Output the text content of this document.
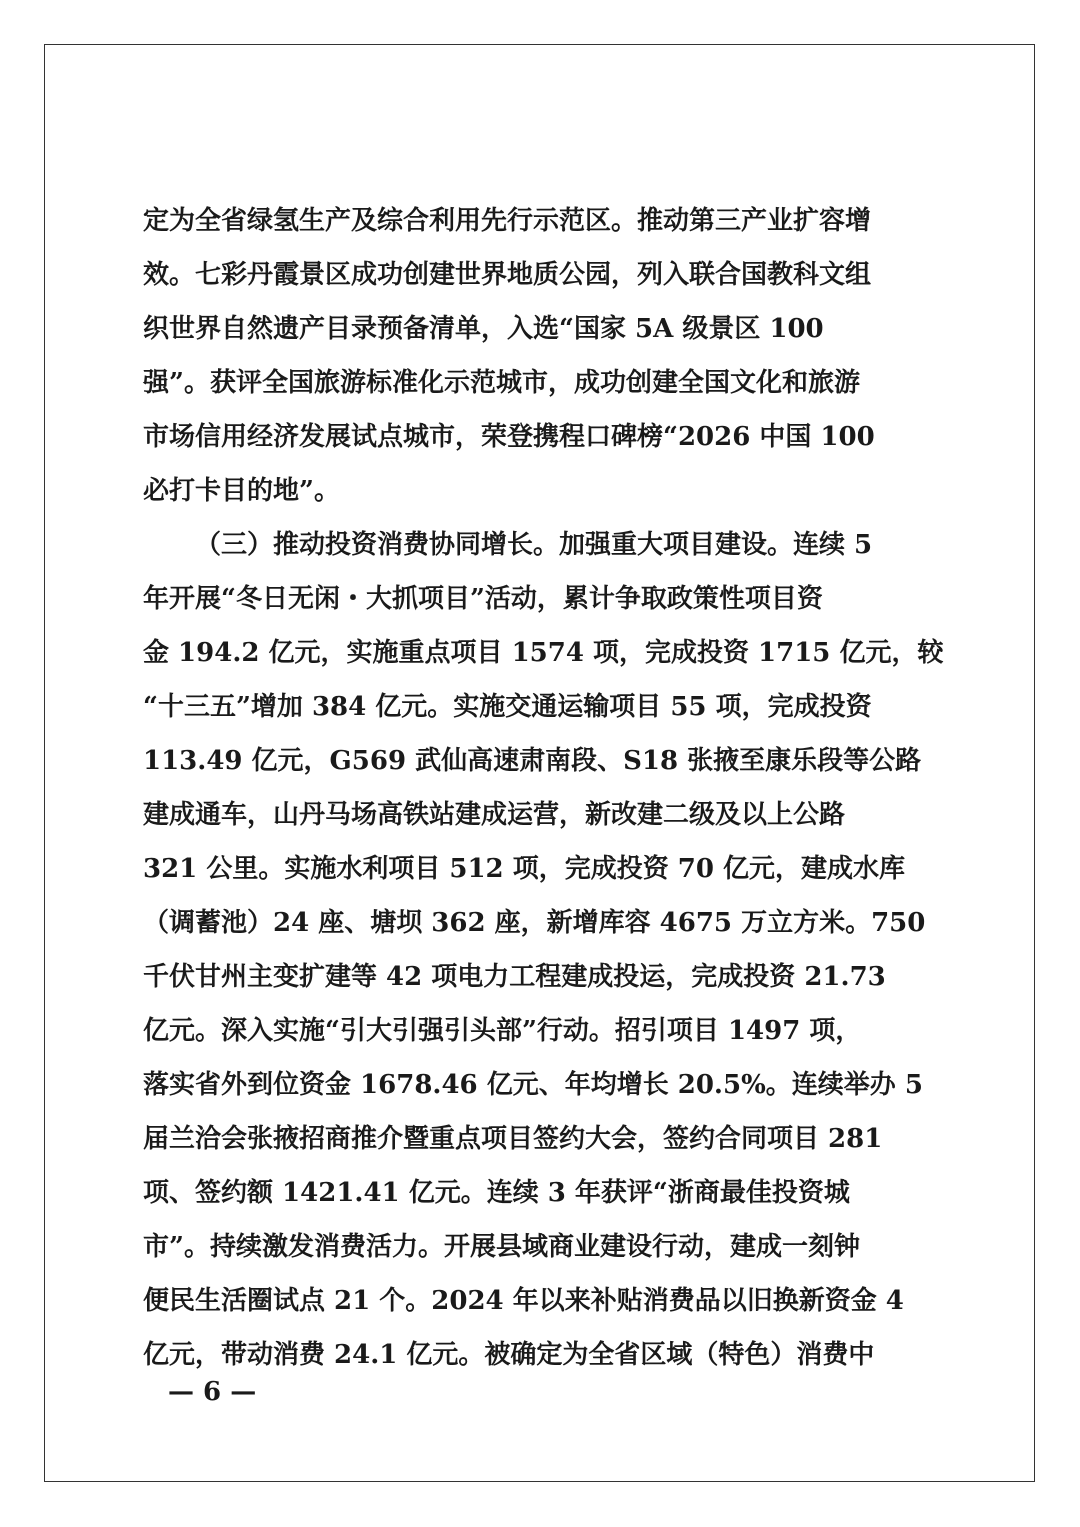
定为全省绿氢生产及综合利用先行示范区。推动第三产业扩容增

效。七彩丹霞景区成功创建世界地质公园，列入联合国教科文组

织世界自然遗产目录预备清单，入选“国家 5A 级景区 100

强”。获评全国旅游标准化示范城市，成功创建全国文化和旅游

市场信用经济发展试点城市，荣登携程口碑榜“2026 中国 100

必打卡目的地”。

（三）推动投资消费协同增长。加强重大项目建设。连续 5

年开展“冬日无闲・大抓项目”活动，累计争取政策性项目资

金 194.2 亿元，实施重点项目 1574 项，完成投资 1715 亿元，较

“十三五”增加 384 亿元。实施交通运输项目 55 项，完成投资

113.49 亿元，G569 武仙高速肃南段、S18 张掖至康乐段等公路

建成通车，山丹马场高铁站建成运营，新改建二级及以上公路

321 公里。实施水利项目 512 项，完成投资 70 亿元，建成水库

（调蓄池）24 座、塘坝 362 座，新增库容 4675 万立方米。750

千伏甘州主变扩建等 42 项电力工程建成投运，完成投资 21.73

亿元。深入实施“引大引强引头部”行动。招引项目 1497 项，

落实省外到位资金 1678.46 亿元、年均增长 20.5%。连续举办 5

届兰洽会张掖招商推介暨重点项目签约大会，签约合同项目 281

项、签约额 1421.41 亿元。连续 3 年获评“浙商最佳投资城

市”。持续激发消费活力。开展县域商业建设行动，建成一刻钟

便民生活圈试点 21 个。2024 年以来补贴消费品以旧换新资金 4

亿元，带动消费 24.1 亿元。被确定为全省区域（特色）消费中

— 6 —
